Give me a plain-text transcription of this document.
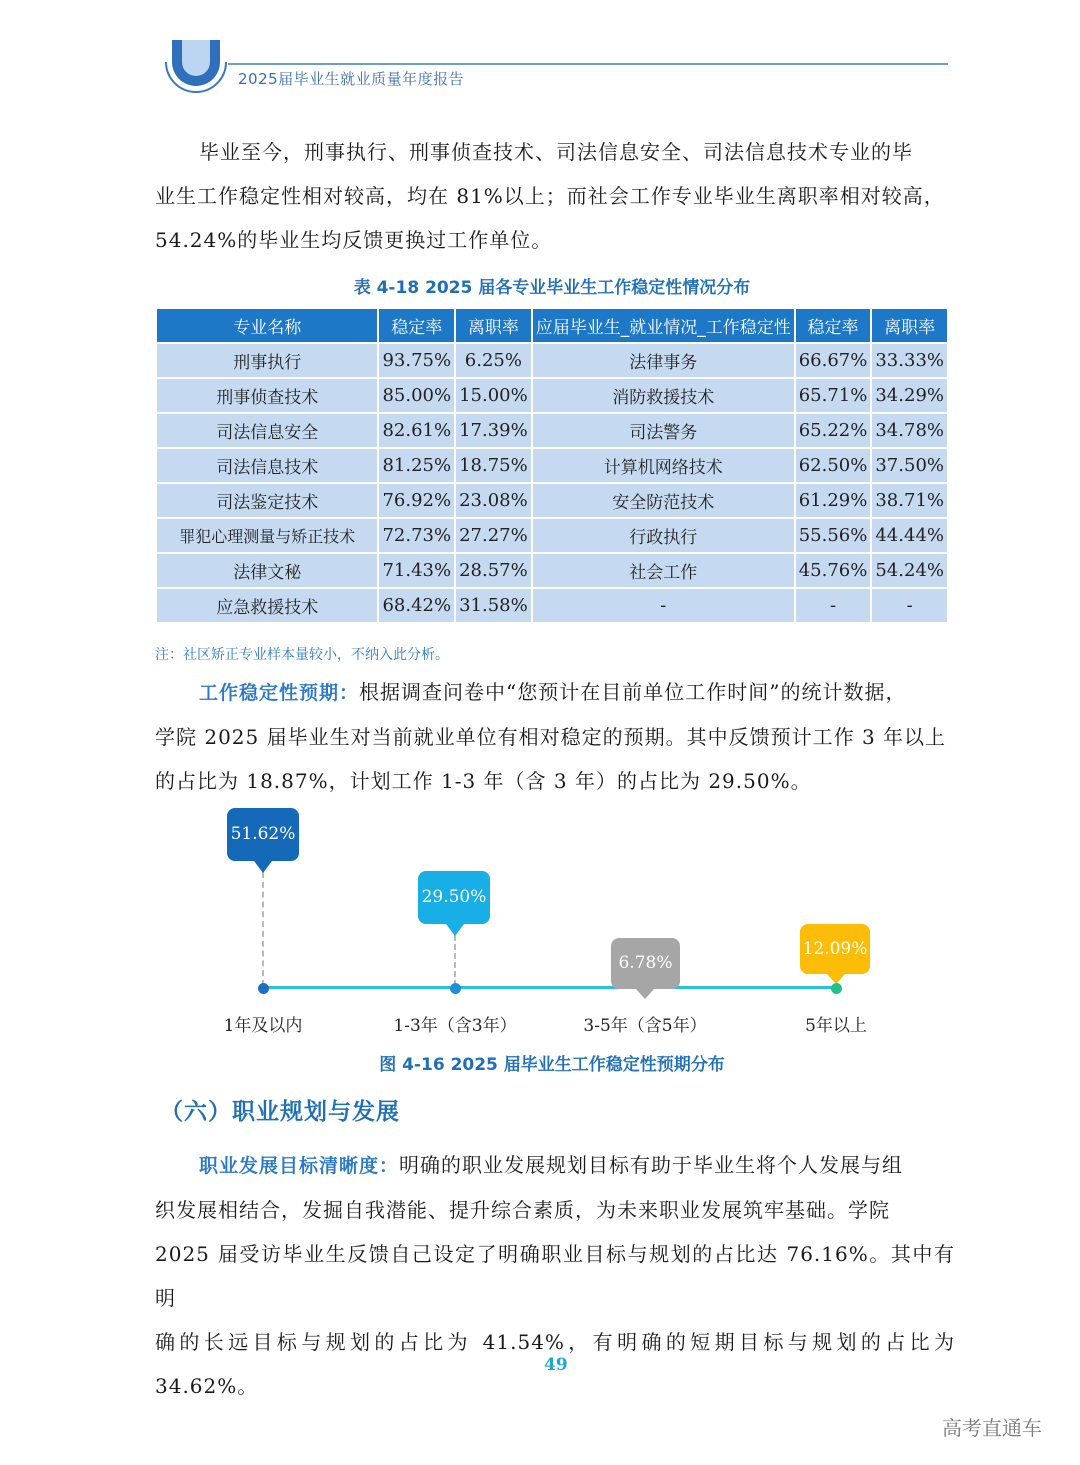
2025届毕业生就业质量年度报告

毕业至今，刑事执行、刑事侦查技术、司法信息安全、司法信息技术专业的毕

业生工作稳定性相对较高，均在 81%以上；而社会工作专业毕业生离职率相对较高，

54.24%的毕业生均反馈更换过工作单位。

表 4-18 2025 届各专业毕业生工作稳定性情况分布
专业名称	稳定率	离职率	应届毕业生_就业情况_工作稳定性	稳定率	离职率
刑事执行	93.75%	6.25%	法律事务	66.67%	33.33%
刑事侦查技术	85.00%	15.00%	消防救援技术	65.71%	34.29%
司法信息安全	82.61%	17.39%	司法警务	65.22%	34.78%
司法信息技术	81.25%	18.75%	计算机网络技术	62.50%	37.50%
司法鉴定技术	76.92%	23.08%	安全防范技术	61.29%	38.71%
罪犯心理测量与矫正技术	72.73%	27.27%	行政执行	55.56%	44.44%
法律文秘	71.43%	28.57%	社会工作	45.76%	54.24%
应急救援技术	68.42%	31.58%	-	-	-
注：社区矫正专业样本量较小，不纳入此分析。

工作稳定性预期：根据调查问卷中“您预计在目前单位工作时间”的统计数据，

学院 2025 届毕业生对当前就业单位有相对稳定的预期。其中反馈预计工作 3 年以上

的占比为 18.87%，计划工作 1-3 年（含 3 年）的占比为 29.50%。

51.62%
1年及以内
29.50%
1-3年（含3年）
6.78%
3-5年（含5年）
12.09%
5年以上
图 4-16 2025 届毕业生工作稳定性预期分布
（六）职业规划与发展

职业发展目标清晰度：明确的职业发展规划目标有助于毕业生将个人发展与组

织发展相结合，发掘自我潜能、提升综合素质，为未来职业发展筑牢基础。学院

2025 届受访毕业生反馈自己设定了明确职业目标与规划的占比达 76.16%。其中有明

确的长远目标与规划的占比为 41.54%，有明确的短期目标与规划的占比为 34.62%。

49
高考直通车
